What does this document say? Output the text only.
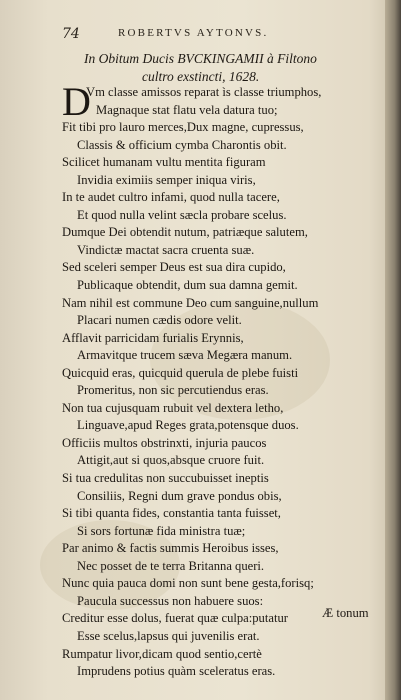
74	ROBERTVS AYTONVS.
In Obitum Ducis BVCKINGAMII à Filtono
cultro exstincti, 1628.
D
Vm classe amissos reparat ìs classe triumphos,
Magnaque stat flatu vela datura tuo;
Fit tibi pro lauro merces,Dux magne, cupressus,
Classis & officium cymba Charontis obit.
Scilicet humanam vultu mentita figuram
Invidia eximiis semper iniqua viris,
In te audet cultro infami, quod nulla tacere,
Et quod nulla velint sæcla probare scelus.
Dumque Dei obtendit nutum, patriæque salutem,
Vindictæ mactat sacra cruenta suæ.
Sed sceleri semper Deus est sua dira cupido,
Publicaque obtendit, dum sua damna gemit.
Nam nihil est commune Deo cum sanguine,nullum
Placari numen cædis odore velit.
Afflavit parricidam furialis Erynnis,
Armavitque trucem sæva Megæra manum.
Quicquid eras, quicquid querula de plebe fuisti
Promeritus, non sic percutiendus eras.
Non tua cujusquam rubuit vel dextera letho,
Linguave,apud Reges grata,potensque duos.
Officiis multos obstrinxti, injuria paucos
Attigit,aut si quos,absque cruore fuit.
Si tua credulitas non succubuisset ineptis
Consiliis, Regni dum grave pondus obis,
Si tibi quanta fides, constantia tanta fuisset,
Si sors fortunæ fida ministra tuæ;
Par animo & factis summis Heroibus isses,
Nec posset de te terra Britanna queri.
Nunc quia pauca domi non sunt bene gesta,forisq;
Paucula successus non habuere suos:
Creditur esse dolus, fuerat quæ culpa:putatur
Esse scelus,lapsus qui juvenilis erat.
Rumpatur livor,dicam quod sentio,certè
Imprudens potius quàm sceleratus eras.
Æ tonum
